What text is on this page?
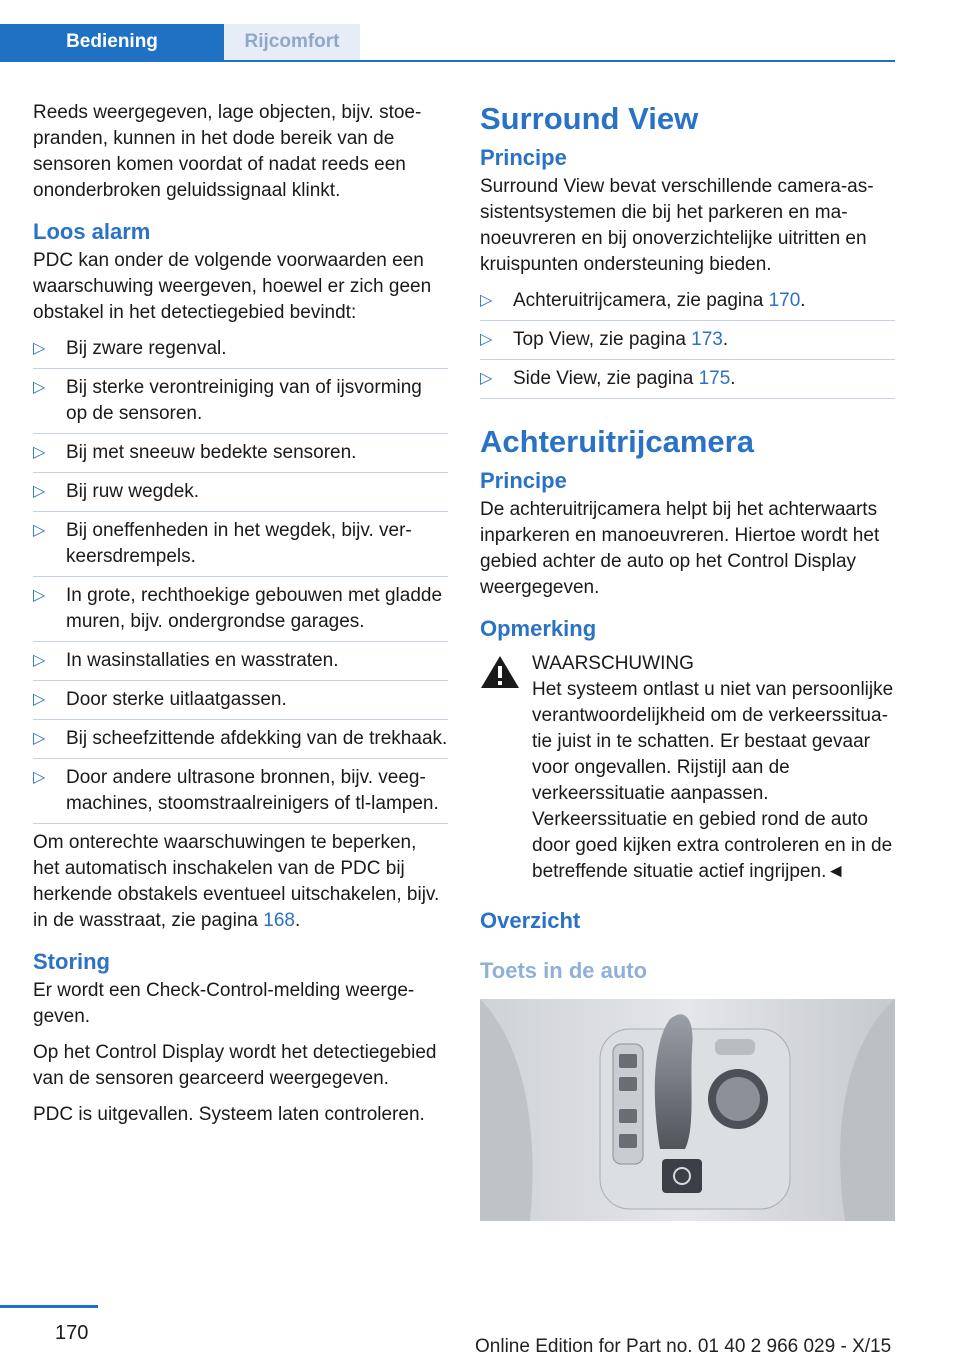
Bediening	Rijcomfort

Reeds weergegeven, lage objecten, bijv. stoepranden, kunnen in het dode bereik van de sensoren komen voordat of nadat reeds een ononderbroken geluidssignaal klinkt.

Loos alarm

PDC kan onder de volgende voorwaarden een waarschuwing weergeven, hoewel er zich geen obstakel in het detectiegebied bevindt:

▷ Bij zware regenval.
▷ Bij sterke verontreiniging van of ijsvorming op de sensoren.
▷ Bij met sneeuw bedekte sensoren.
▷ Bij ruw wegdek.
▷ Bij oneffenheden in het wegdek, bijv. verkeersdrempels.
▷ In grote, rechthoekige gebouwen met gladde muren, bijv. ondergrondse garages.
▷ In wasinstallaties en wasstraten.
▷ Door sterke uitlaatgassen.
▷ Bij scheefzittende afdekking van de trekhaak.
▷ Door andere ultrasone bronnen, bijv. veegmachines, stoomstraalreinigers of tl-lampen.

Om onterechte waarschuwingen te beperken, het automatisch inschakelen van de PDC bij herkende obstakels eventueel uitschakelen, bijv. in de wasstraat, zie pagina 168.

Storing

Er wordt een Check-Control-melding weergegeven.

Op het Control Display wordt het detectiegebied van de sensoren gearceerd weergegeven.

PDC is uitgevallen. Systeem laten controleren.

Surround View
Principe

Surround View bevat verschillende camera-assistentsystemen die bij het parkeren en manoeuvreren en bij onoverzichtelijke uitritten en kruispunten ondersteuning bieden.

▷ Achteruitrijcamera, zie pagina 170.
▷ Top View, zie pagina 173.
▷ Side View, zie pagina 175.
Achteruitrijcamera
Principe

De achteruitrijcamera helpt bij het achterwaarts inparkeren en manoeuvreren. Hiertoe wordt het gebied achter de auto op het Control Display weergegeven.

Opmerking
WAARSCHUWING
Het systeem ontlast u niet van persoonlijke verantwoordelijkheid om de verkeerssituatie juist in te schatten. Er bestaat gevaar voor ongevallen. Rijstijl aan de verkeerssituatie aanpassen. Verkeerssituatie en gebied rond de auto door goed kijken extra controleren en in de betreffende situatie actief ingrijpen.◄
Overzicht
Toets in de auto
170
Online Edition for Part no. 01 40 2 966 029 - X/15
